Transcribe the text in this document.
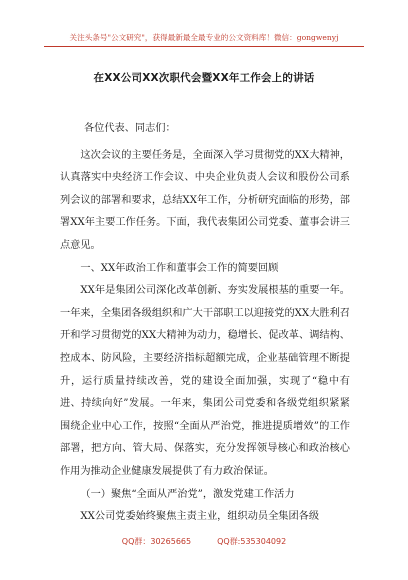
关注头条号"公文研究"，获得最新最全最专业的公文资料库！微信：gongwenyj
在XX公司XX次职代会暨XX年工作会上的讲话

各位代表、同志们：

这次会议的主要任务是，全面深入学习贯彻党的XX大精神，认真落实中央经济工作会议、中央企业负责人会议和股份公司系列会议的部署和要求，总结XX年工作，分析研究面临的形势，部署XX年主要工作任务。下面，我代表集团公司党委、董事会讲三点意见。

一、XX年政治工作和董事会工作的简要回顾

XX年是集团公司深化改革创新、夯实发展根基的重要一年。一年来，全集团各级组织和广大干部职工以迎接党的XX大胜利召开和学习贯彻党的XX大精神为动力，稳增长、促改革、调结构、控成本、防风险，主要经济指标超额完成，企业基础管理不断提升，运行质量持续改善，党的建设全面加强，实现了“稳中有进、持续向好”发展。一年来，集团公司党委和各级党组织紧紧围绕企业中心工作，按照“全面从严治党，推进提质增效”的工作部署，把方向、管大局、保落实，充分发挥领导核心和政治核心作用为推动企业健康发展提供了有力政治保证。

（一）聚焦“全面从严治党”，激发党建工作活力

XX公司党委始终聚焦主责主业，组织动员全集团各级

QQ群：30265665	QQ群:535304092
